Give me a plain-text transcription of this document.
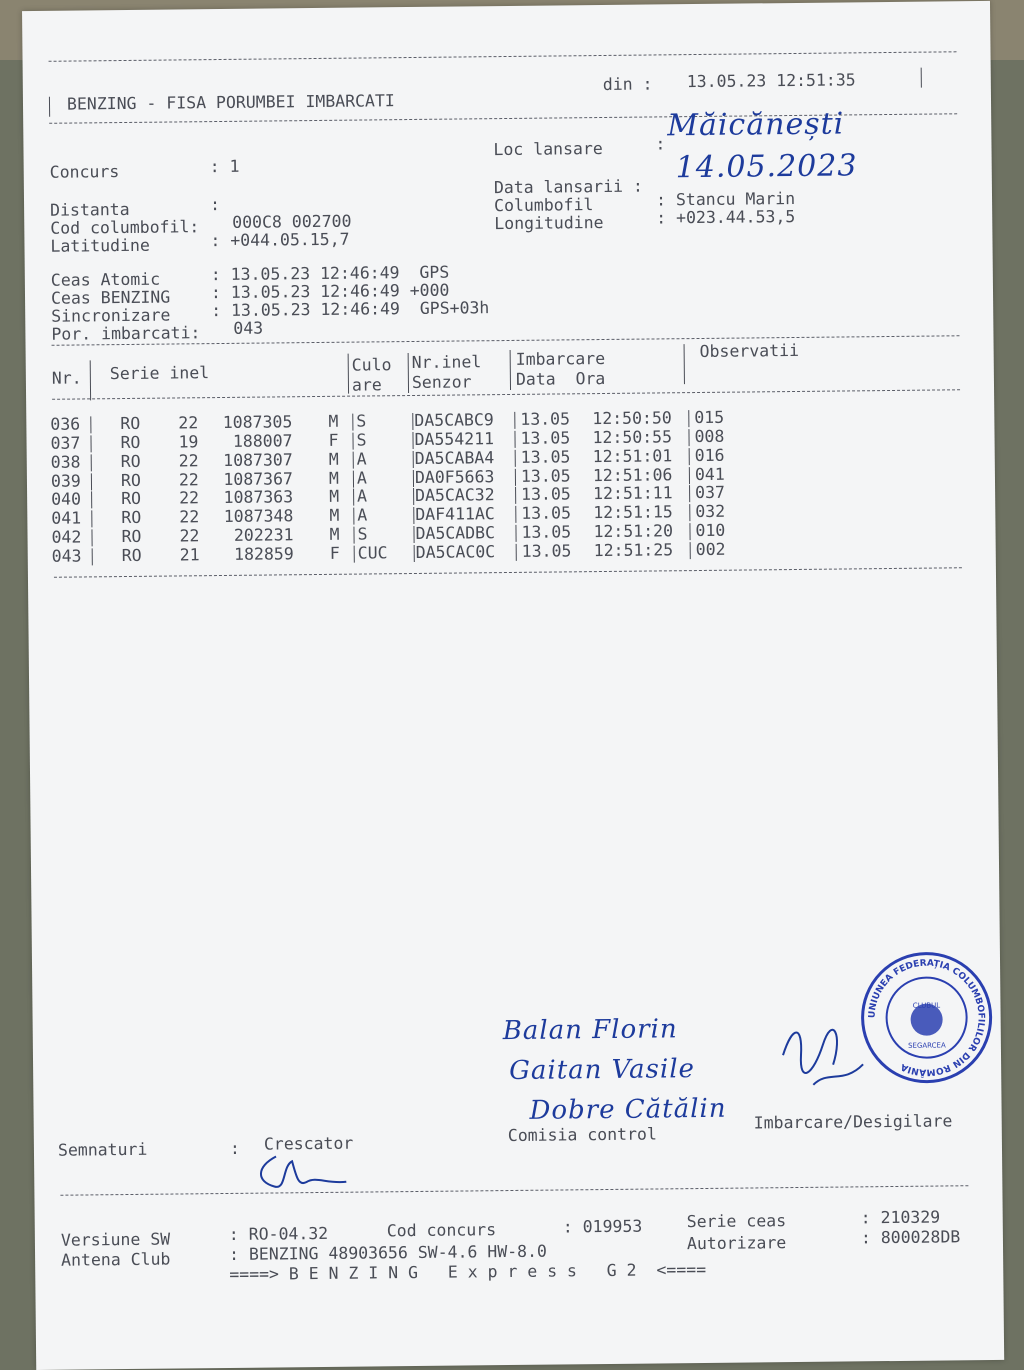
BENZING - FISA PORUMBEI IMBARCATI
din : 13.05.23 12:51:35
Concurs	: 1
Distanta	:
Cod columbofil: 000C8 002700
Latitudine	: +044.05.15,7
Loc lansare	:
Măicănești
Data lansarii :
14.05.2023
Columbofil	: Stancu Marin
Longitudine	: +023.44.53,5
Ceas Atomic	: 13.05.23 12:46:49  GPS
Ceas BENZING : 13.05.23 12:46:49 +000
Sincronizare : 13.05.23 12:46:49  GPS+03h
Por. imbarcati: 043
Nr. Serie inel	Culo
are
Nr.inel
Senzor
Imbarcare
Data  Ora
Observatii
036 RO 22	1087305	M S	DA5CABC9 13.05 12:50:50 015
037 RO 19	188007	F S	DA554211 13.05 12:50:55 008
038 RO 22	1087307	M A	DA5CABA4 13.05 12:51:01 016
039 RO 22	1087367	M A	DA0F5663 13.05 12:51:06 041
040 RO 22	1087363	M A	DA5CAC32 13.05 12:51:11 037
041 RO 22	1087348	M A	DAF411AC 13.05 12:51:15 032
042 RO 22	202231	M S	DA5CADBC 13.05 12:51:20 010
043 RO 21	182859	F CUC DA5CAC0C 13.05 12:51:25 002
Balan Florin
Gaitan Vasile
Dobre Cătălin
UNIUNEA FEDERAȚIA COLUMBOFILILOR DIN ROMÂNIA
CLUBUL
SEGARCEA
Semnaturi	: Crescator	Comisia control
Imbarcare/Desigilare
Versiune SW	: RO-04.32	Cod concurs	: 019953	Serie ceas	: 210329
Antena Club	: BENZING 48903656 SW-4.6 HW-8.0	Autorizare	: 800028DB
====> B E N Z I N G   E x p r e s s   G 2  <====
